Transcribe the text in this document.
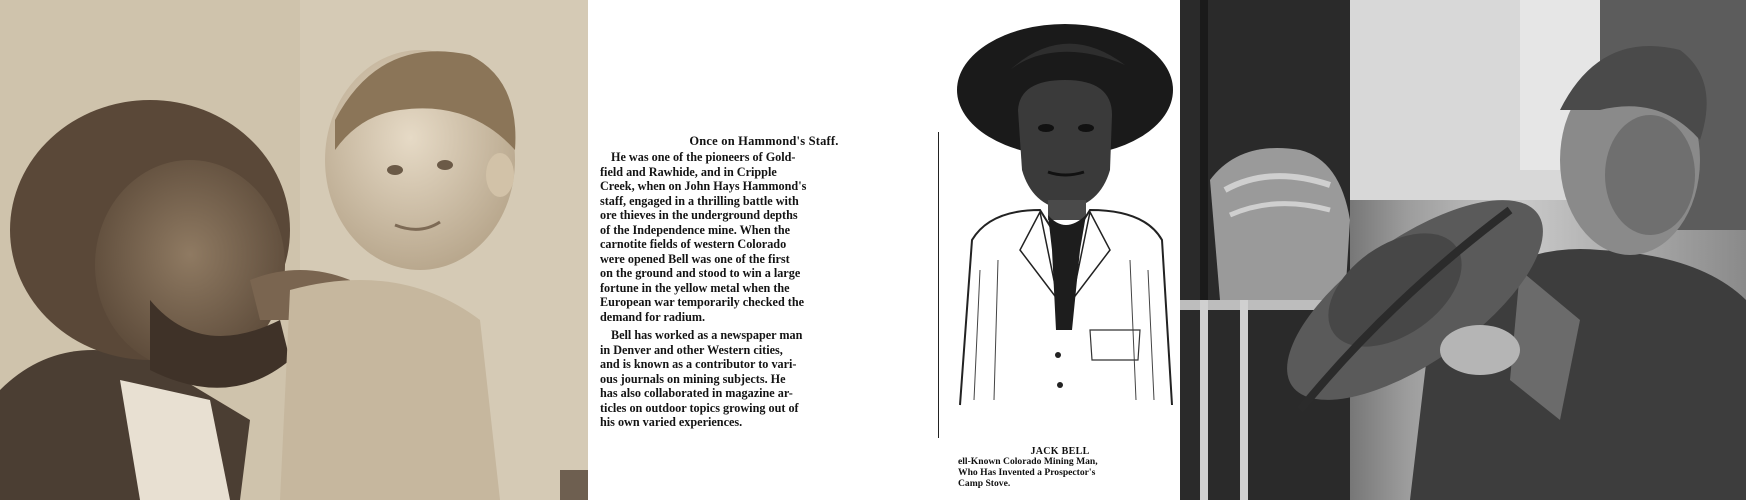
Once on Hammond's Staff.
He was one of the pioneers of Gold-
field and Rawhide, and in Cripple
Creek, when on John Hays Hammond's
staff, engaged in a thrilling battle with
ore thieves in the underground depths
of the Independence mine. When the
carnotite fields of western Colorado
were opened Bell was one of the first
on the ground and stood to win a large
fortune in the yellow metal when the
European war temporarily checked the
demand for radium.
Bell has worked as a newspaper man
in Denver and other Western cities,
and is known as a contributor to vari-
ous journals on mining subjects. He
has also collaborated in magazine ar-
ticles on outdoor topics growing out of
his own varied experiences.
JACK BELL
ell-Known Colorado Mining Man,
Who Has Invented a Prospector's
Camp Stove.
